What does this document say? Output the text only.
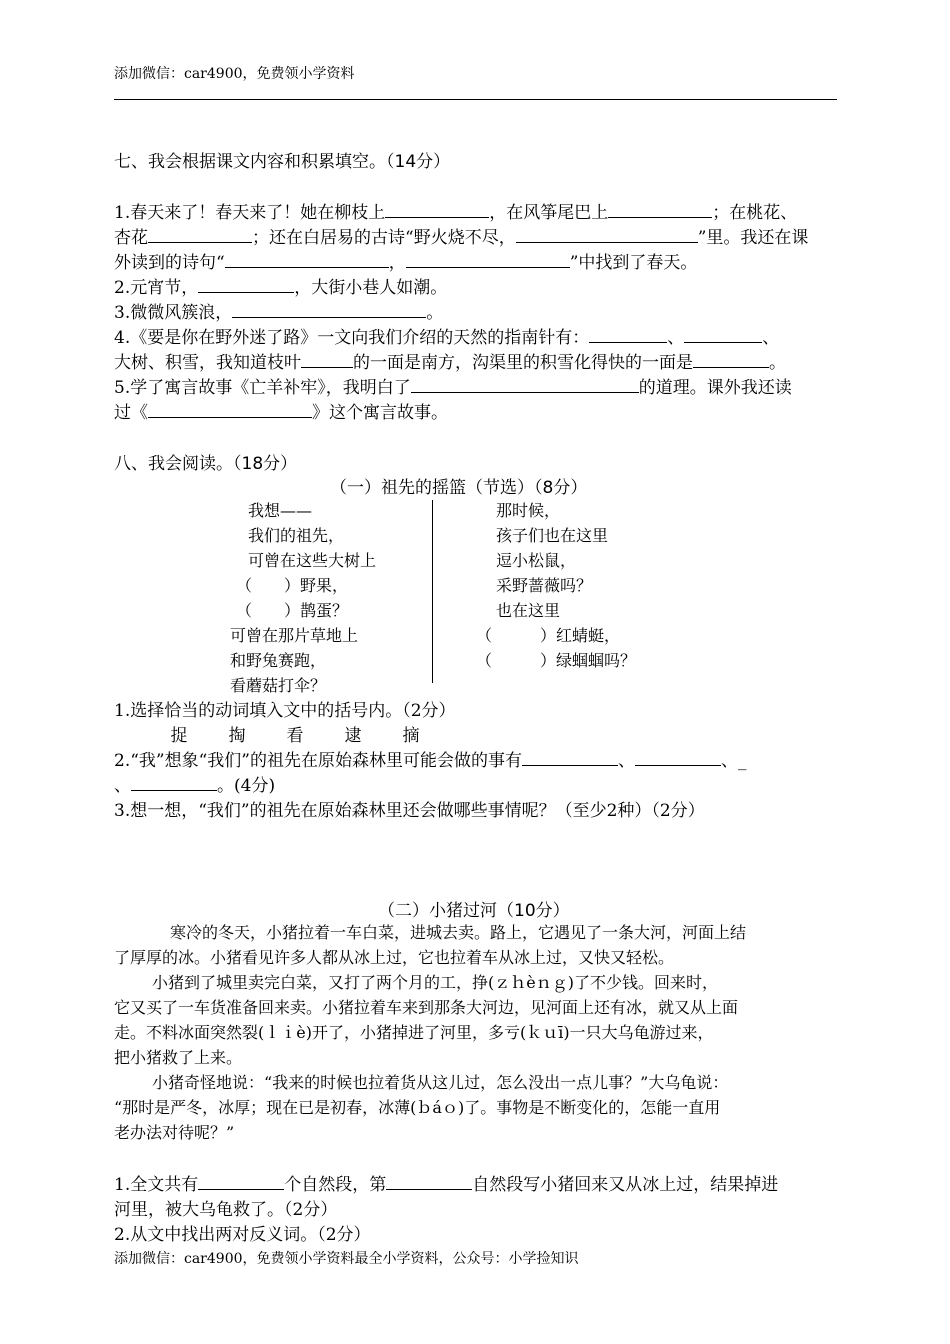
添加微信：car4900，免费领小学资料
七、我会根据课文内容和积累填空。（14分）
1.春天来了！春天来了！她在柳枝上	，在风筝尾巴上	；在桃花、
杏花	；还在白居易的古诗“野火烧不尽，	”里。我还在课
外读到的诗句“	，	”中找到了春天。
2.元宵节，	，大街小巷人如潮。
3.微微风簇浪，	。
4.《要是你在野外迷了路》一文向我们介绍的天然的指南针有：	、	、
大树、积雪，我知道枝叶	的一面是南方，沟渠里的积雪化得快的一面是	。
5.学了寓言故事《亡羊补牢》，我明白了	的道理。课外我还读
过《	》这个寓言故事。
八、我会阅读。（18分）
（一）祖先的摇篮（节选）（8分）
我想——
我们的祖先，
可曾在这些大树上
（　　）野果，
（　　）鹊蛋？
可曾在那片草地上
和野兔赛跑，
看蘑菇打伞？
那时候，
孩子们也在这里
逗小松鼠，
采野蔷薇吗？
也在这里
（　　　）红蜻蜓，
（　　　）绿蝈蝈吗？
1.选择恰当的动词填入文中的括号内。（2分）
捉 掏 看 逮 摘
2.“我”想象“我们”的祖先在原始森林里可能会做的事有	、	、_
、	。(4分)
3.想一想，“我们”的祖先在原始森林里还会做哪些事情呢？（至少2种）（2分）
（二）小猪过河（10分）
寒冷的冬天，小猪拉着一车白菜，进城去卖。路上，它遇见了一条大河，河面上结
了厚厚的冰。小猪看见许多人都从冰上过，它也拉着车从冰上过，又快又轻松。
小猪到了城里卖完白菜，又打了两个月的工，挣(ｚｈèｎｇ)了不少钱。回来时，
它又买了一车货准备回来卖。小猪拉着车来到那条大河边，见河面上还有冰，就又从上面
走。不料冰面突然裂(ｌｉè)开了，小猪掉进了河里，多亏(ｋｕī)一只大乌龟游过来，
把小猪救了上来。
小猪奇怪地说：“我来的时候也拉着货从这儿过，怎么没出一点儿事？”大乌龟说：
“那时是严冬，冰厚；现在已是初春，冰薄(ｂáｏ)了。事物是不断变化的，怎能一直用
老办法对待呢？”
1.全文共有	个自然段，第	自然段写小猪回来又从冰上过，结果掉进
河里，被大乌龟救了。（2分）
2.从文中找出两对反义词。（2分）
添加微信：car4900，免费领小学资料最全小学资料，公众号：小学捡知识
